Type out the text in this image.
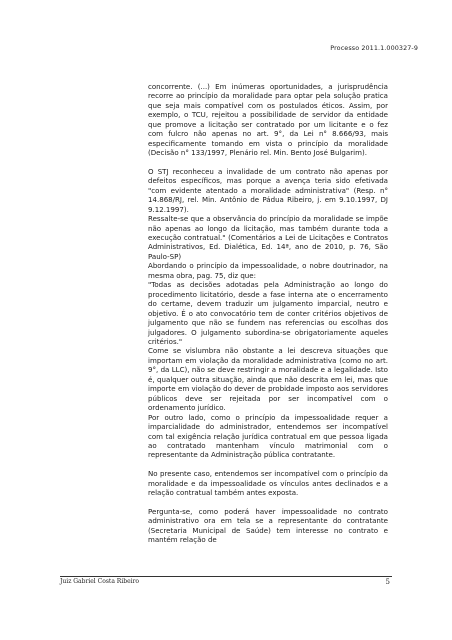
Processo 2011.1.000327-9

concorrente. (...) Em inúmeras oportunidades, a jurisprudência recorre ao princípio da moralidade para optar pela solução pratica que seja mais compatível com os postulados éticos. Assim, por exemplo, o TCU, rejeitou a possibilidade de servidor da entidade que promove a licitação ser contratado por um licitante e o fez com fulcro não apenas no art. 9°, da Lei n° 8.666/93, mais especificamente tomando em vista o princípio da moralidade (Decisão n° 133/1997, Plenário rel. Min. Bento José Bulgarim).

O STJ reconheceu a invalidade de um contrato não apenas por defeitos específicos, mas porque a avença teria sido efetivada "com evidente atentado a moralidade administrativa" (Resp. n° 14.868/RJ, rel. Min. Antônio de Pádua Ribeiro, j. em 9.10.1997, DJ 9.12.1997).

Ressalte-se que a observância do princípio da moralidade se impõe não apenas ao longo da licitação, mas também durante toda a execução contratual." (Comentários a Lei de Licitações e Contratos Administrativos, Ed. Dialética, Ed. 14ª, ano de 2010, p. 76, São Paulo-SP)

Abordando o princípio da impessoalidade, o nobre doutrinador, na mesma obra, pag. 75, diz que:

"Todas as decisões adotadas pela Administração ao longo do procedimento licitatório, desde a fase interna ate o encerramento do certame, devem traduzir um julgamento imparcial, neutro e objetivo. É o ato convocatório tem de conter critérios objetivos de julgamento que não se fundem nas referencias ou escolhas dos julgadores. O julgamento subordina-se obrigatoriamente aqueles critérios."

Come se vislumbra não obstante a lei descreva situações que importam em violação da moralidade administrativa (como no art. 9°, da LLC), não se deve restringir a moralidade e a legalidade. Isto é, qualquer outra situação, ainda que não descrita em lei, mas que importe em violação do dever de probidade imposto aos servidores públicos deve ser rejeitada por ser incompatível com o ordenamento jurídico.

Por outro lado, como o princípio da impessoalidade requer a imparcialidade do administrador, entendemos ser incompatível com tal exigência relação jurídica contratual em que pessoa ligada ao contratado mantenham vínculo matrimonial com o representante da Administração pública contratante.

No presente caso, entendemos ser incompatível com o princípio da moralidade e da impessoalidade os vínculos antes declinados e a relação contratual também antes exposta.

Pergunta-se, como poderá haver impessoalidade no contrato administrativo ora em tela se a representante do contratante (Secretaria Municipal de Saúde) tem interesse no contrato e mantém relação de

Juiz Gabriel Costa Ribeiro	5
